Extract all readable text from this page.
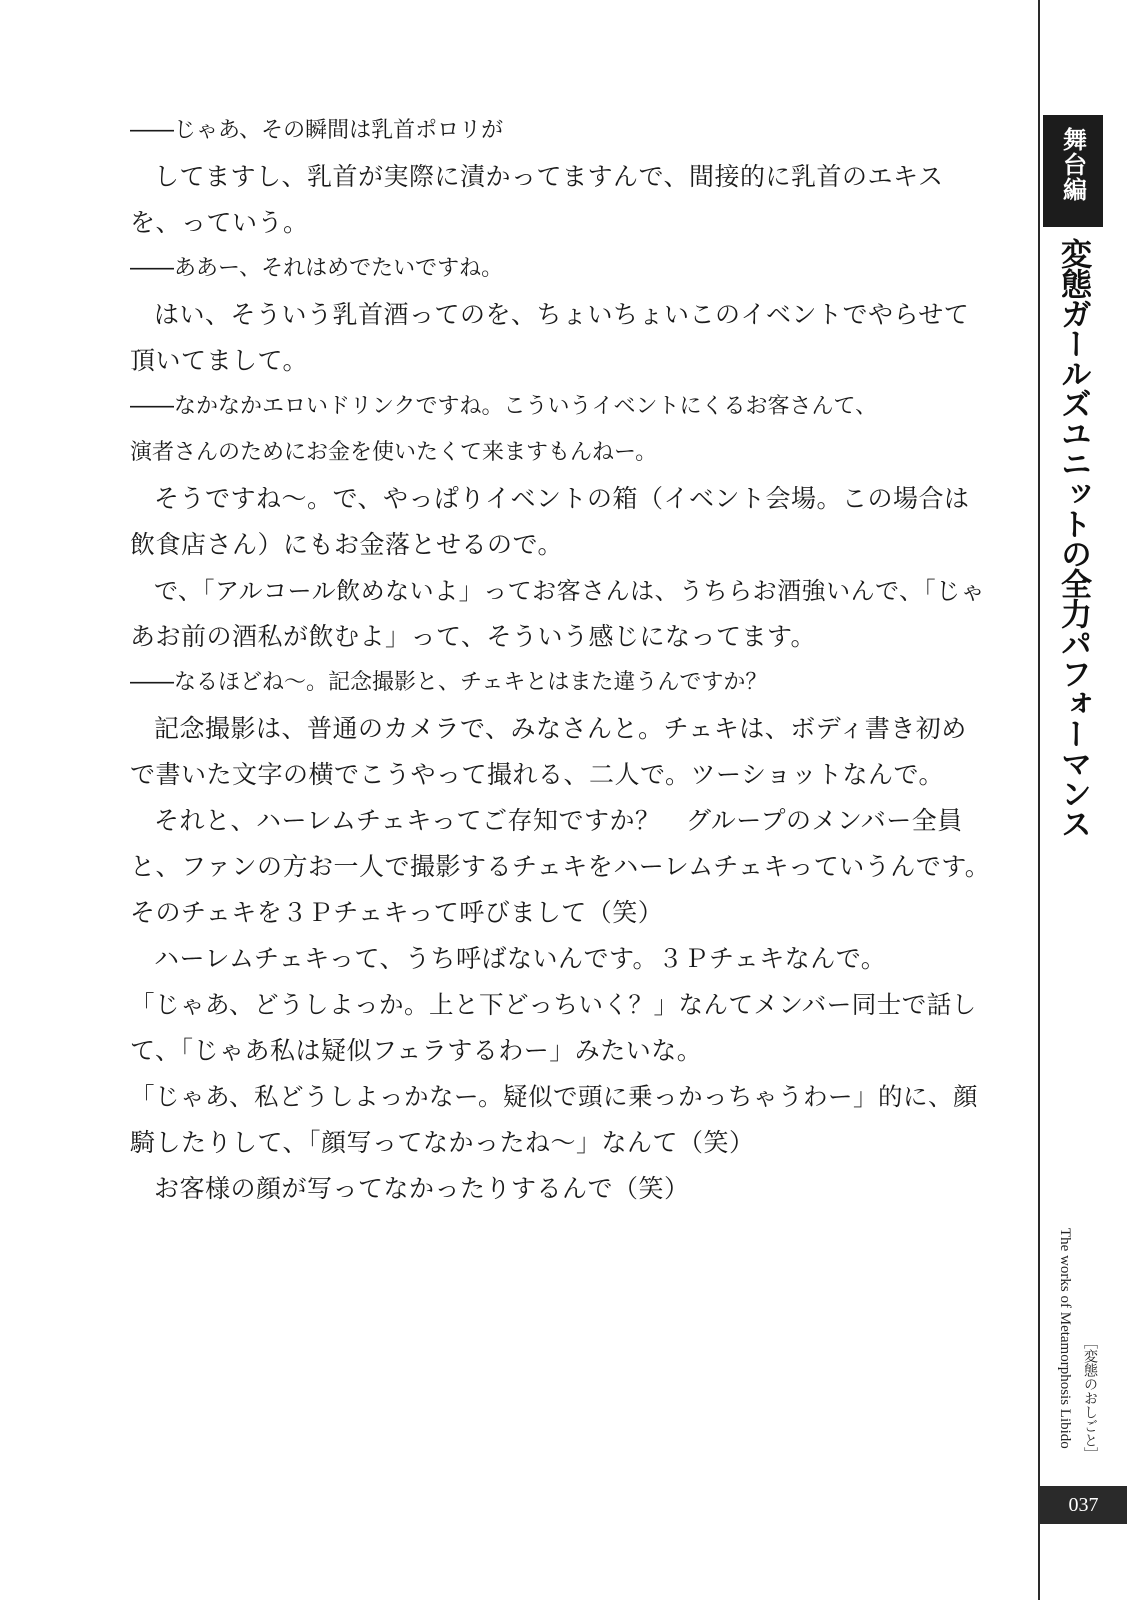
――じゃあ、その瞬間は乳首ポロリが
してますし、乳首が実際に漬かってますんで、間接的に乳首のエキス
を、っていう。
――ああー、それはめでたいですね。
はい、そういう乳首酒ってのを、ちょいちょいこのイベントでやらせて
頂いてまして。
――なかなかエロいドリンクですね。こういうイベントにくるお客さんて、
演者さんのためにお金を使いたくて来ますもんねー。
そうですね～。で、やっぱりイベントの箱（イベント会場。この場合は
飲食店さん）にもお金落とせるので。
で、「アルコール飲めないよ」ってお客さんは、うちらお酒強いんで、「じゃ
あお前の酒私が飲むよ」って、そういう感じになってます。
――なるほどね～。記念撮影と、チェキとはまた違うんですか？
記念撮影は、普通のカメラで、みなさんと。チェキは、ボディ書き初め
で書いた文字の横でこうやって撮れる、二人で。ツーショットなんで。
それと、ハーレムチェキってご存知ですか？　グループのメンバー全員
と、ファンの方お一人で撮影するチェキをハーレムチェキっていうんです。
そのチェキを３Ｐチェキって呼びまして（笑）
ハーレムチェキって、うち呼ばないんです。３Ｐチェキなんで。
「じゃあ、どうしよっか。上と下どっちいく？」なんてメンバー同士で話し
て、「じゃあ私は疑似フェラするわー」みたいな。
「じゃあ、私どうしよっかなー。疑似で頭に乗っかっちゃうわー」的に、顔
騎したりして、「顔写ってなかったね～」なんて（笑）
お客様の顔が写ってなかったりするんで（笑）
舞台編
変態ガールズユニットの全力パフォーマンス
［変態のおしごと］
The works of Metamorphosis Libido
037
